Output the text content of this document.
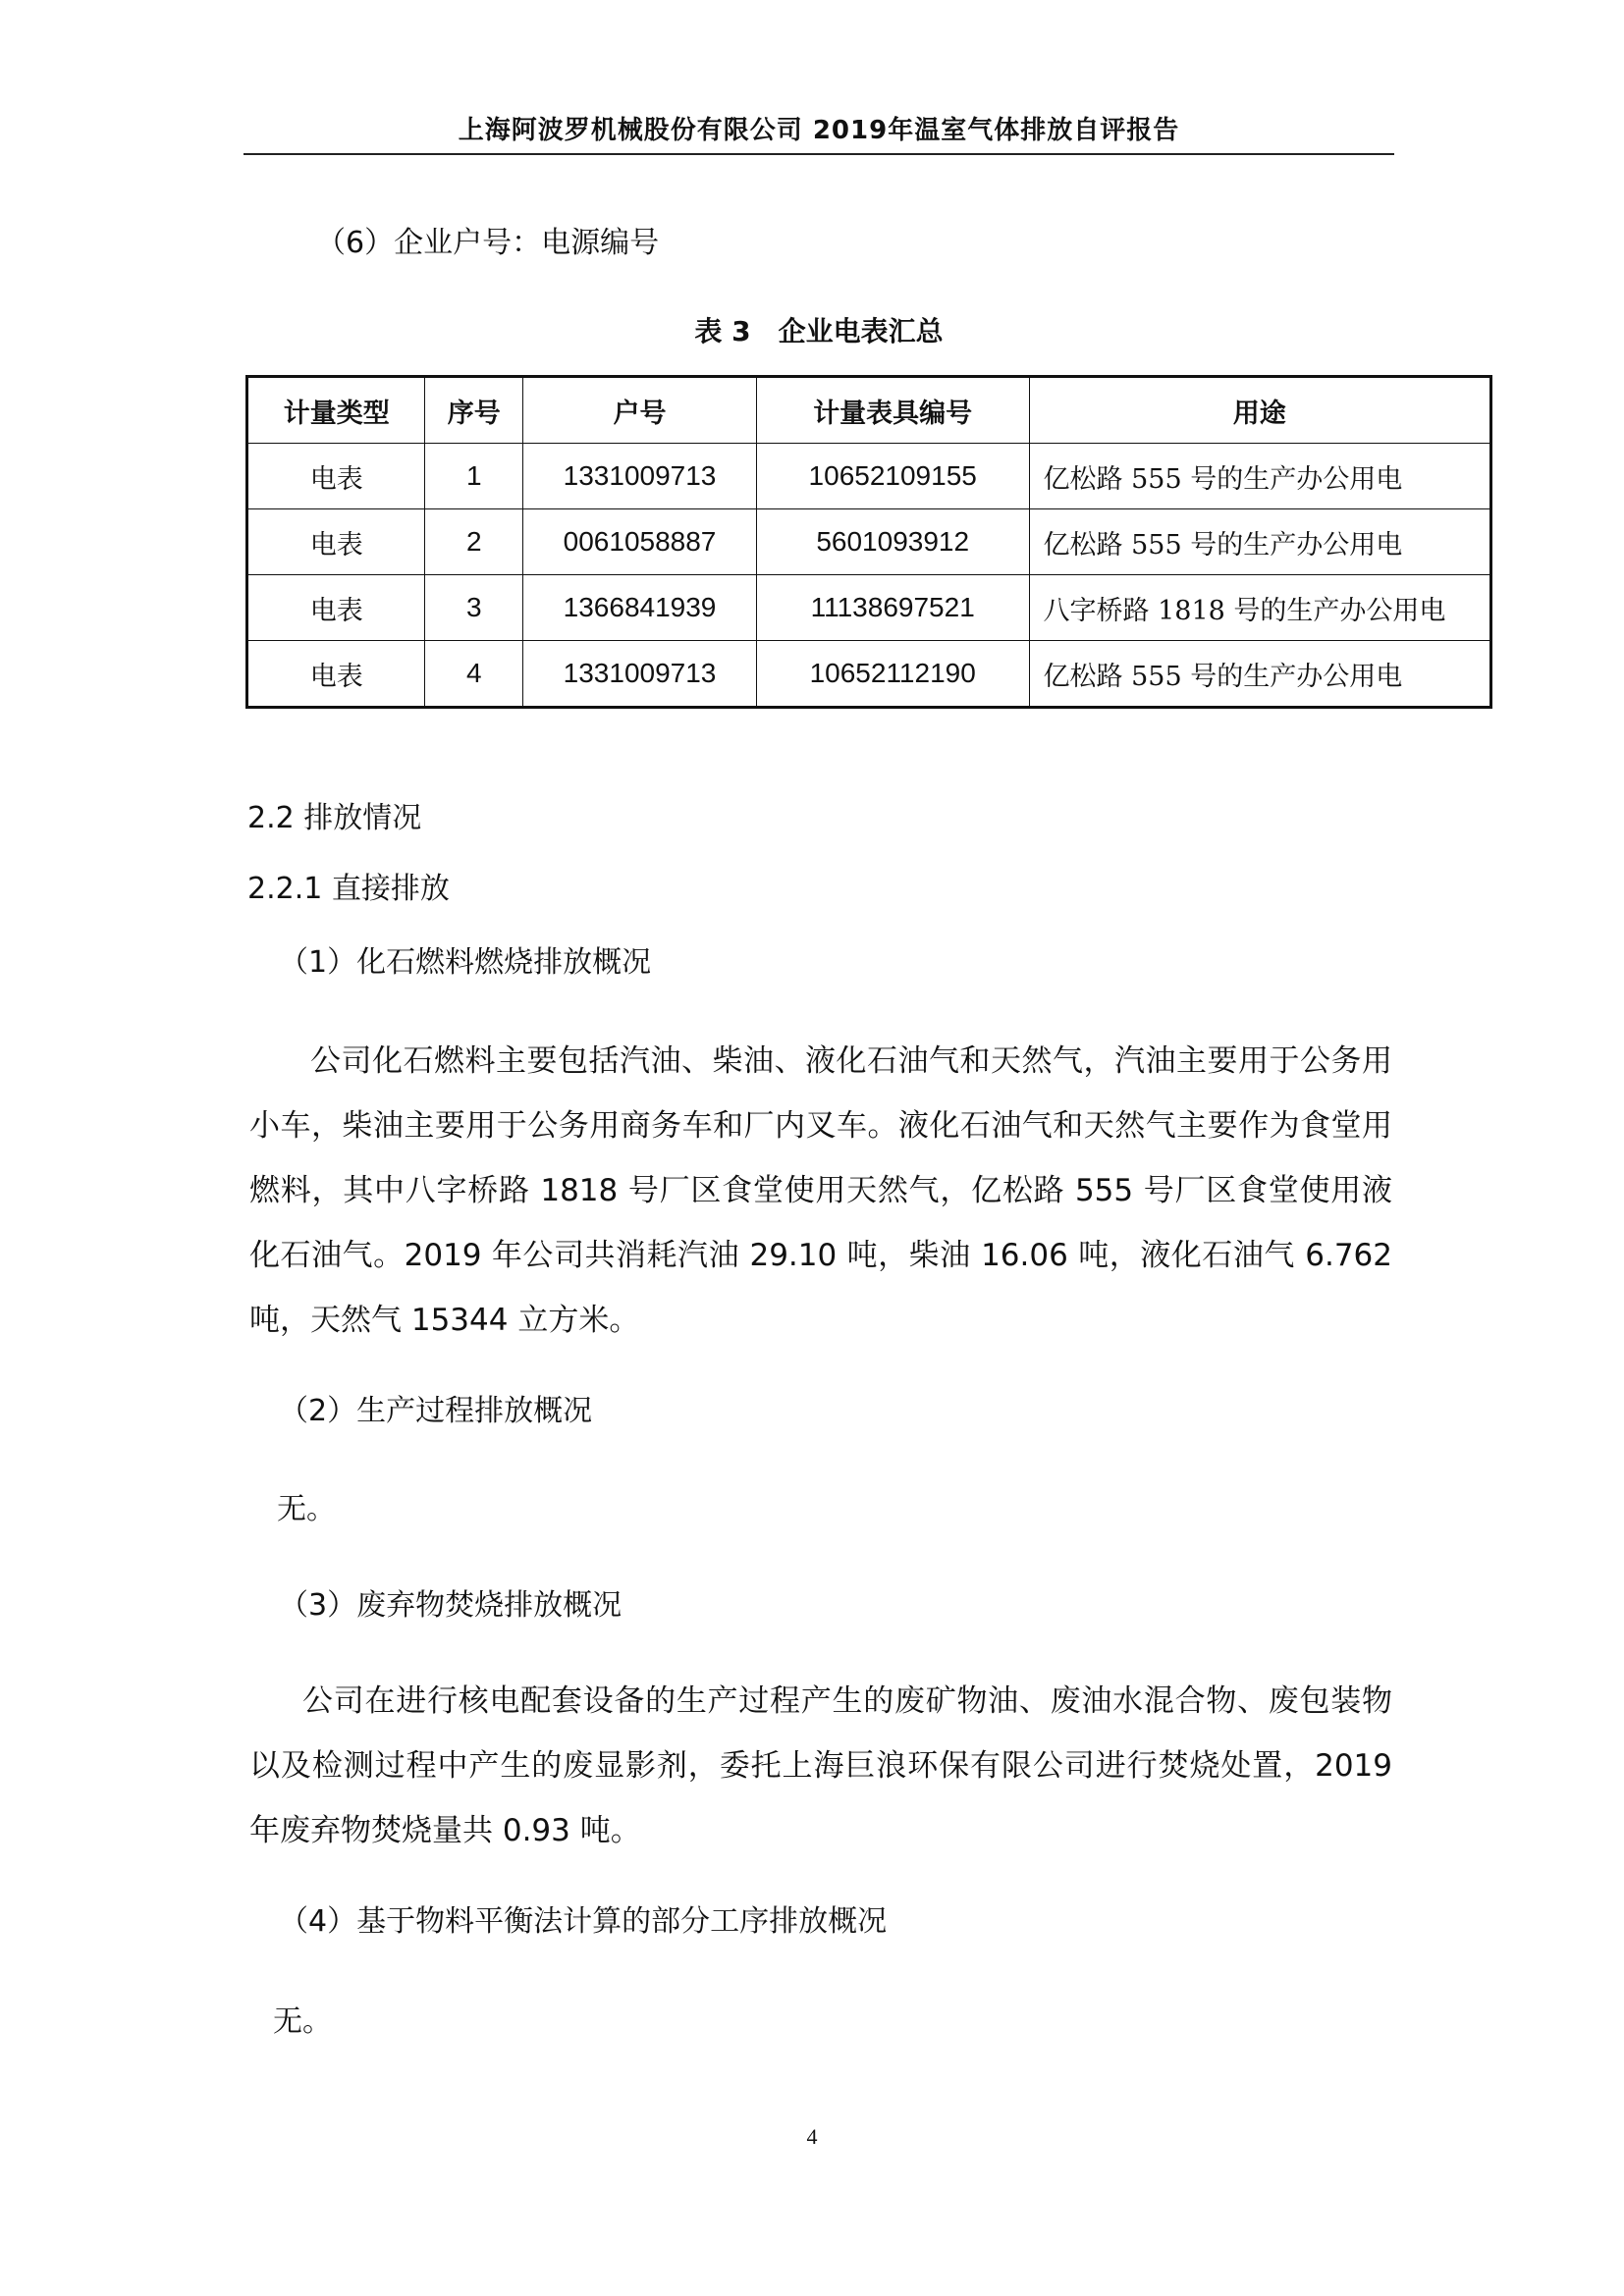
上海阿波罗机械股份有限公司 2019年温室气体排放自评报告
（6）企业户号：电源编号
表 3　企业电表汇总
计量类型	序号	户号	计量表具编号	用途
电表	1	1331009713	10652109155	亿松路 555 号的生产办公用电
电表	2	0061058887	5601093912	亿松路 555 号的生产办公用电
电表	3	1366841939	11138697521	八字桥路 1818 号的生产办公用电
电表	4	1331009713	10652112190	亿松路 555 号的生产办公用电
2.2 排放情况
2.2.1 直接排放
（1）化石燃料燃烧排放概况
公司化石燃料主要包括汽油、柴油、液化石油气和天然气，汽油主要用于公务用小车，柴油主要用于公务用商务车和厂内叉车。液化石油气和天然气主要作为食堂用燃料，其中八字桥路 1818 号厂区食堂使用天然气，亿松路 555 号厂区食堂使用液化石油气。2019 年公司共消耗汽油 29.10 吨，柴油 16.06 吨，液化石油气 6.762 吨，天然气 15344 立方米。
（2）生产过程排放概况
无。
（3）废弃物焚烧排放概况
公司在进行核电配套设备的生产过程产生的废矿物油、废油水混合物、废包装物以及检测过程中产生的废显影剂，委托上海巨浪环保有限公司进行焚烧处置，2019 年废弃物焚烧量共 0.93 吨。
（4）基于物料平衡法计算的部分工序排放概况
无。
4
